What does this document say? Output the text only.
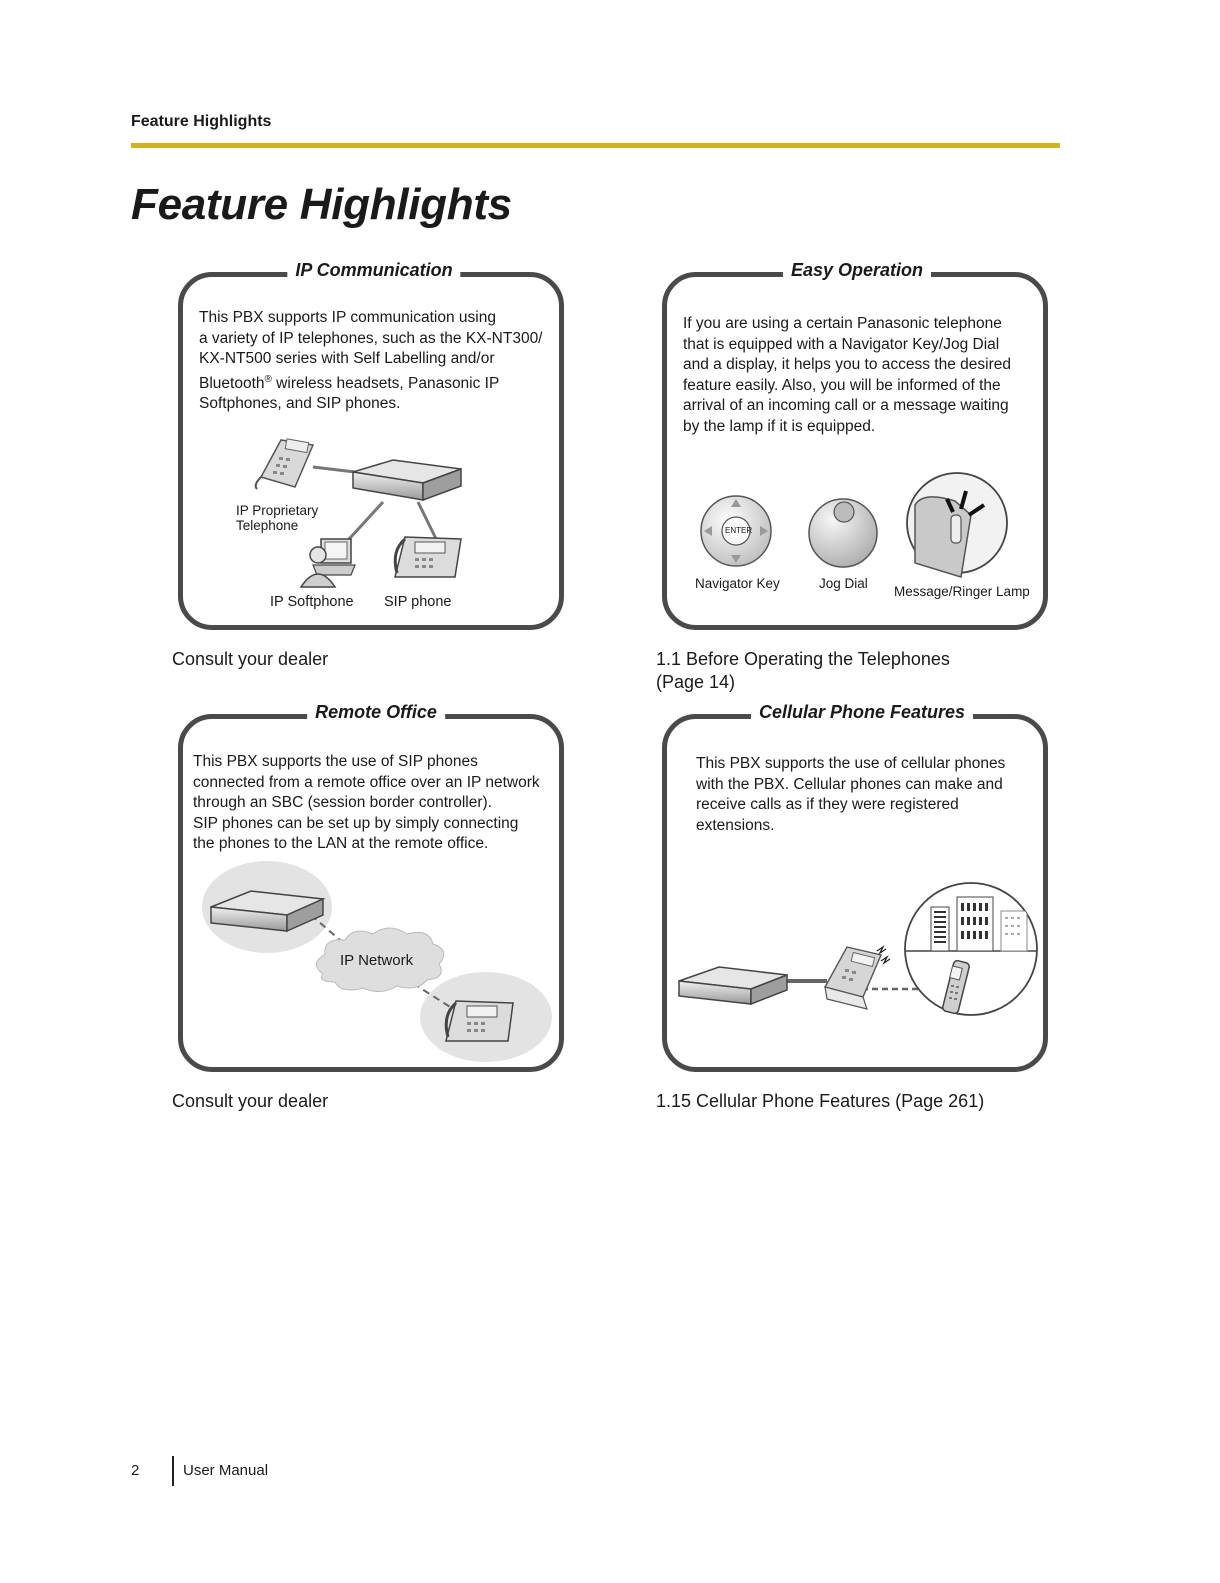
Feature Highlights
Feature Highlights
IP Communication
This PBX supports IP communication using
a variety of IP telephones, such as the KX-NT300/
KX-NT500 series with Self Labelling and/or
Bluetooth® wireless headsets, Panasonic IP
Softphones, and SIP phones.
IP Proprietary
Telephone
IP Softphone SIP phone
Consult your dealer
Easy Operation
If you are using a certain Panasonic telephone
that is equipped with a Navigator Key/Jog Dial
and a display, it helps you to access the desired
feature easily. Also, you will be informed of the
arrival of an incoming call or a message waiting
by the lamp if it is equipped.
ENTER
Navigator Key	Jog Dial
Message/Ringer Lamp
1.1 Before Operating the Telephones
(Page 14)
Remote Office
This PBX supports the use of SIP phones
connected from a remote office over an IP network
through an SBC (session border controller).
SIP phones can be set up by simply connecting
the phones to the LAN at the remote office.
IP Network
Consult your dealer
Cellular Phone Features
This PBX supports the use of cellular phones
with the PBX. Cellular phones can make and
receive calls as if they were registered
extensions.
1.15 Cellular Phone Features (Page 261)
2	User Manual
